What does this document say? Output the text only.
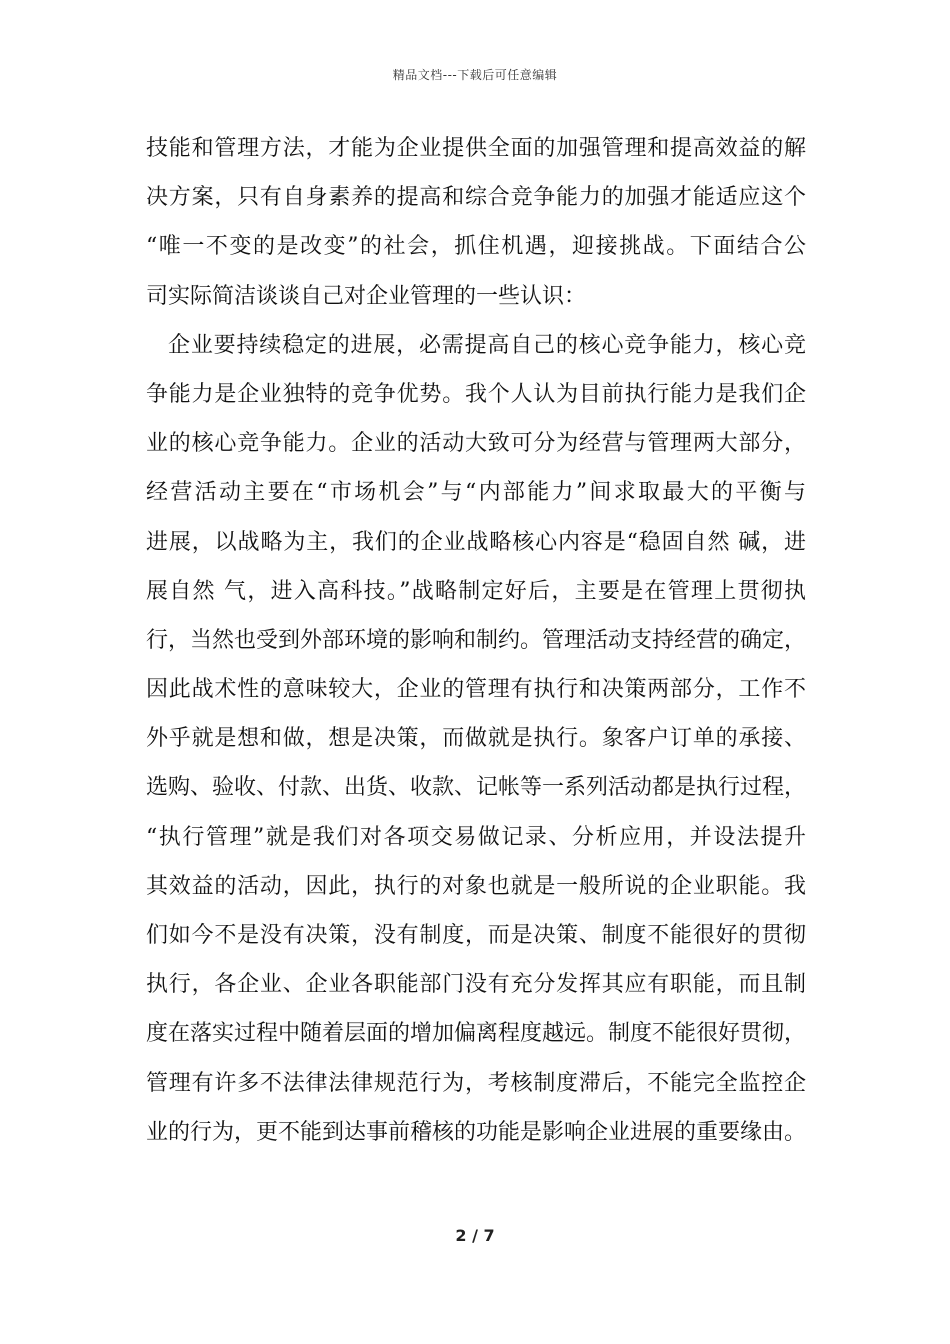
精品文档---下载后可任意编辑
技能和管理方法，才能为企业提供全面的加强管理和提高效益的解
决方案，只有自身素养的提高和综合竞争能力的加强才能适应这个
“唯一不变的是改变”的社会，抓住机遇，迎接挑战。下面结合公
司实际简洁谈谈自己对企业管理的一些认识：
企业要持续稳定的进展，必需提高自己的核心竞争能力，核心竞
争能力是企业独特的竞争优势。我个人认为目前执行能力是我们企
业的核心竞争能力。企业的活动大致可分为经营与管理两大部分，
经营活动主要在“市场机会”与“内部能力”间求取最大的平衡与
进展，以战略为主，我们的企业战略核心内容是“稳固自然 碱，进
展自然 气，进入高科技。”战略制定好后，主要是在管理上贯彻执
行，当然也受到外部环境的影响和制约。管理活动支持经营的确定，
因此战术性的意味较大，企业的管理有执行和决策两部分，工作不
外乎就是想和做，想是决策，而做就是执行。象客户订单的承接、
选购、验收、付款、出货、收款、记帐等一系列活动都是执行过程，
“执行管理”就是我们对各项交易做记录、分析应用，并设法提升
其效益的活动，因此，执行的对象也就是一般所说的企业职能。我
们如今不是没有决策，没有制度，而是决策、制度不能很好的贯彻
执行，各企业、企业各职能部门没有充分发挥其应有职能，而且制
度在落实过程中随着层面的增加偏离程度越远。制度不能很好贯彻，
管理有许多不法律法律规范行为，考核制度滞后，不能完全监控企
业的行为，更不能到达事前稽核的功能是影响企业进展的重要缘由。
2 / 7
